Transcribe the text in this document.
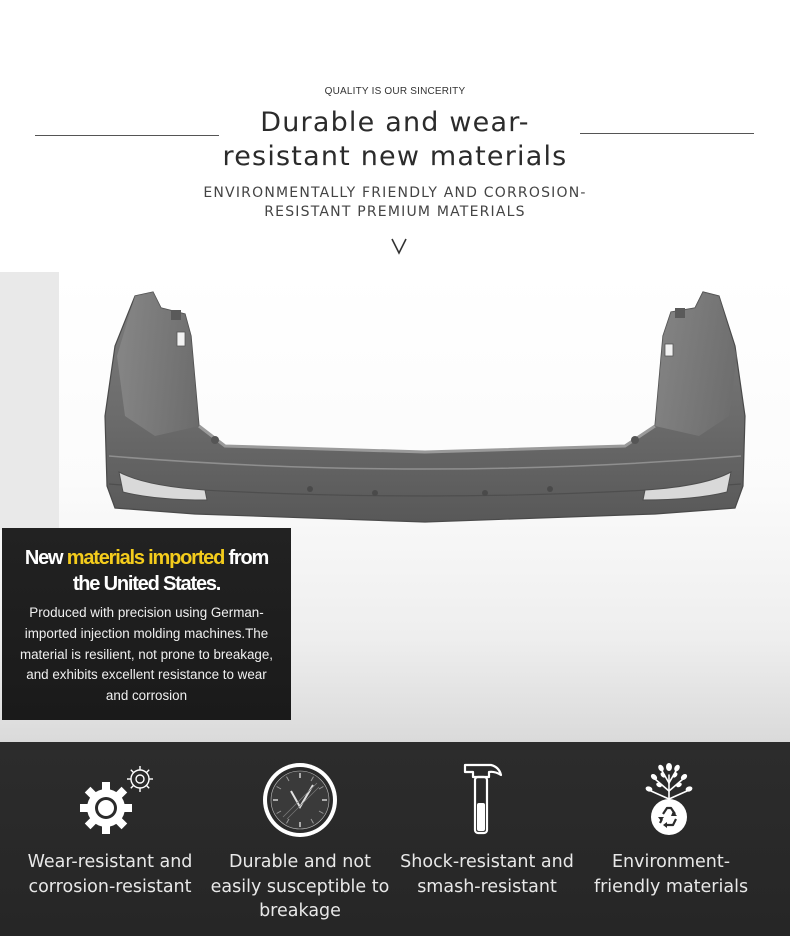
QUALITY IS OUR SINCERITY
Durable and wear-resistant new materials
ENVIRONMENTALLY FRIENDLY AND CORROSION-RESISTANT PREMIUM MATERIALS
New materials imported from the United States.

Produced with precision using German-imported injection molding machines.The material is resilient, not prone to breakage, and exhibits excellent resistance to wear and corrosion

Wear-resistant and corrosion-resistant
Durable and not easily susceptible to breakage
Shock-resistant and smash-resistant
Environment-friendly materials
